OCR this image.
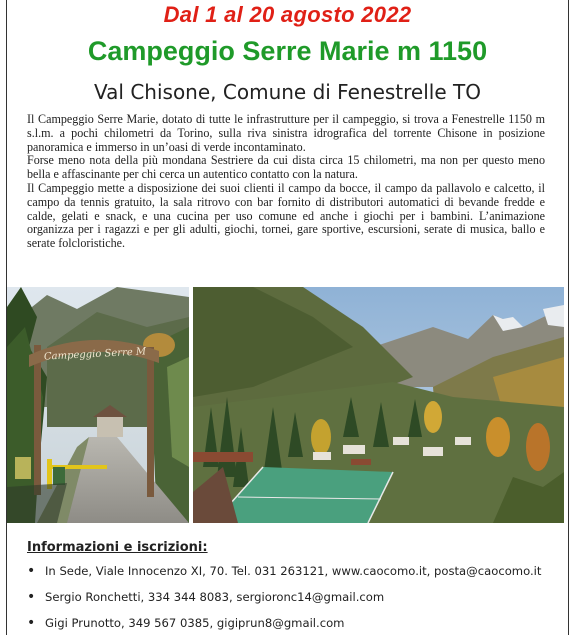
Dal 1 al 20 agosto 2022
Campeggio Serre Marie m 1150
Val Chisone, Comune di Fenestrelle TO

Il Campeggio Serre Marie, dotato di tutte le infrastrutture per il campeggio, si trova a Fenestrelle 1150 m s.l.m. a pochi chilometri da Torino, sulla riva sinistra idrografica del torrente Chisone in posizione panoramica e immerso in un’oasi di verde incontaminato.

Forse meno nota della più mondana Sestriere da cui dista circa 15 chilometri, ma non per questo meno bella e affascinante per chi cerca un autentico contatto con la natura.

Il Campeggio mette a disposizione dei suoi clienti il campo da bocce, il campo da pallavolo e calcetto, il campo da tennis gratuito, la sala ritrovo con bar fornito di distributori automatici di bevande fredde e calde, gelati e snack, e una cucina per uso comune ed anche i giochi per i bambini. L’animazione organizza per i ragazzi e per gli adulti, giochi, tornei, gare sportive, escursioni, serate di musica, ballo e serate folcloristiche.

Campeggio Serre M
Informazioni e iscrizioni:
• In Sede, Viale Innocenzo XI, 70. Tel. 031 263121, www.caocomo.it, posta@caocomo.it
• Sergio Ronchetti, 334 344 8083, sergioronc14@gmail.com
• Gigi Prunotto, 349 567 0385, gigiprun8@gmail.com
